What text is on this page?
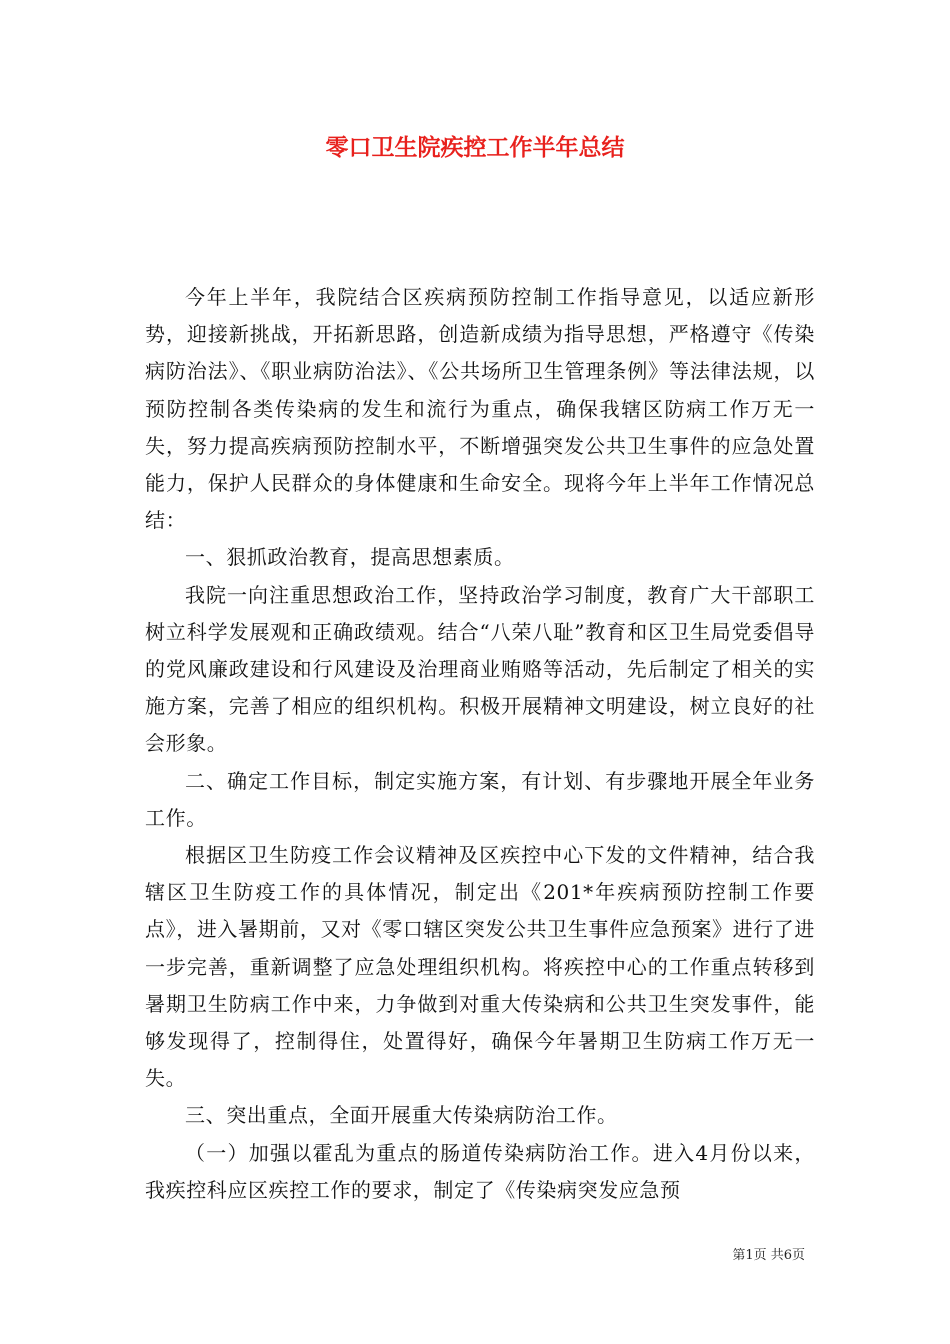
零口卫生院疾控工作半年总结

今年上半年，我院结合区疾病预防控制工作指导意见，以适应新形势，迎接新挑战，开拓新思路，创造新成绩为指导思想，严格遵守《传染病防治法》、《职业病防治法》、《公共场所卫生管理条例》等法律法规，以预防控制各类传染病的发生和流行为重点，确保我辖区防病工作万无一失，努力提高疾病预防控制水平，不断增强突发公共卫生事件的应急处置能力，保护人民群众的身体健康和生命安全。现将今年上半年工作情况总结：

一、狠抓政治教育，提高思想素质。

我院一向注重思想政治工作，坚持政治学习制度，教育广大干部职工树立科学发展观和正确政绩观。结合“八荣八耻”教育和区卫生局党委倡导的党风廉政建设和行风建设及治理商业贿赂等活动，先后制定了相关的实施方案，完善了相应的组织机构。积极开展精神文明建设，树立良好的社会形象。

二、确定工作目标，制定实施方案，有计划、有步骤地开展全年业务工作。

根据区卫生防疫工作会议精神及区疾控中心下发的文件精神，结合我辖区卫生防疫工作的具体情况，制定出《201*年疾病预防控制工作要点》，进入暑期前，又对《零口辖区突发公共卫生事件应急预案》进行了进一步完善，重新调整了应急处理组织机构。将疾控中心的工作重点转移到暑期卫生防病工作中来，力争做到对重大传染病和公共卫生突发事件，能够发现得了，控制得住，处置得好，确保今年暑期卫生防病工作万无一失。

三、突出重点，全面开展重大传染病防治工作。

（一）加强以霍乱为重点的肠道传染病防治工作。进入4月份以来，我疾控科应区疾控工作的要求，制定了《传染病突发应急预

第1页 共6页
